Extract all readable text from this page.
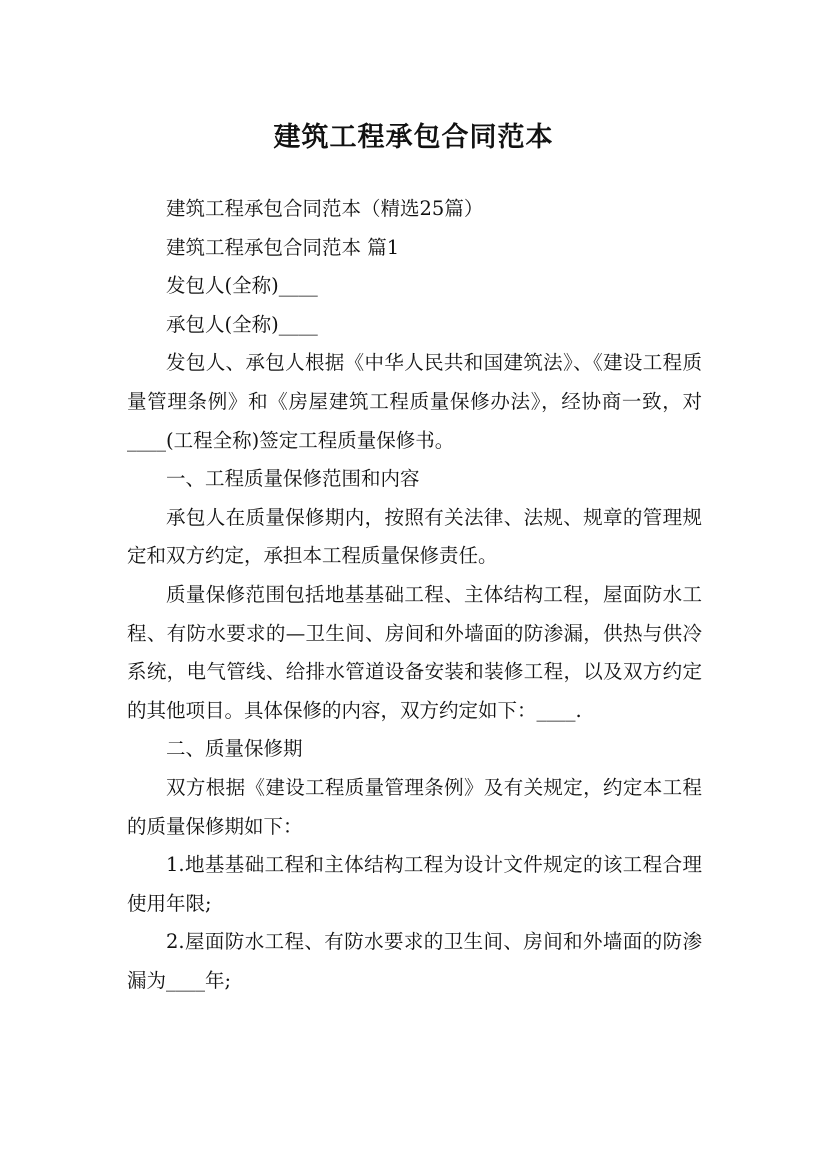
建筑工程承包合同范本

建筑工程承包合同范本（精选25篇）

建筑工程承包合同范本 篇1

发包人(全称)____

承包人(全称)____

发包人、承包人根据《中华人民共和国建筑法》、《建设工程质量管理条例》和《房屋建筑工程质量保修办法》，经协商一致，对____(工程全称)签定工程质量保修书。

一、工程质量保修范围和内容

承包人在质量保修期内，按照有关法律、法规、规章的管理规定和双方约定，承担本工程质量保修责任。

质量保修范围包括地基基础工程、主体结构工程，屋面防水工程、有防水要求的—卫生间、房间和外墙面的防渗漏，供热与供冷系统，电气管线、给排水管道设备安装和装修工程，以及双方约定的其他项目。具体保修的内容，双方约定如下：____.

二、质量保修期

双方根据《建设工程质量管理条例》及有关规定，约定本工程的质量保修期如下：

1.地基基础工程和主体结构工程为设计文件规定的该工程合理使用年限;

2.屋面防水工程、有防水要求的卫生间、房间和外墙面的防渗漏为____年;
